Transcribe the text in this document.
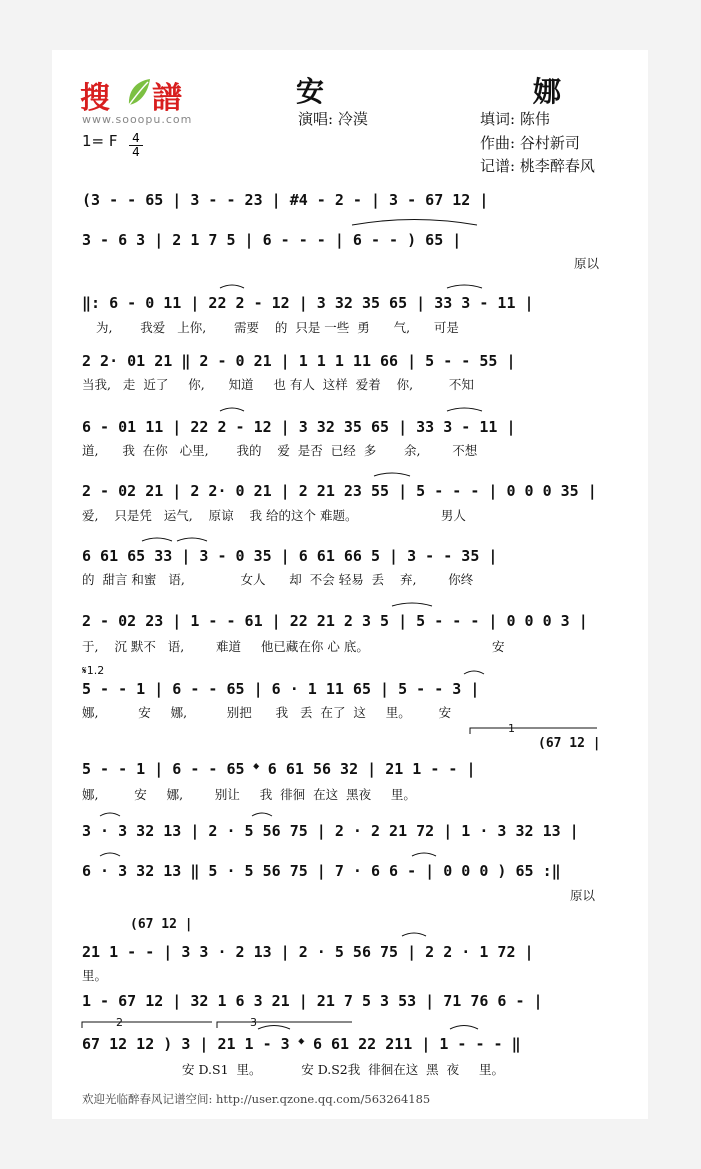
搜 譜
www.sooopu.com
安    娜
演唱: 冷漠	填词: 陈伟
作曲: 谷村新司
记谱: 桃李醉春风
1= F $\frac{4}{4}$
(3 - - 65 | 3 - - 23 | #4 - 2 - | 3 - 67 12 |
3 - 6 3 | 2 1 7 5 | 6 - - - | 6 - - ) 65 |
原以
‖: 6 - 0 11 | 22 2 - 12 | 3 32 35 65 | 33 3 - 11 |
为,       我爱   上你,       需要    的  只是 一些  勇      气,      可是
2 2· 01 21 ‖ 2 - 0 21 | 1 1 1 11 66 | 5 - - 55 |
当我,   走  近了     你,      知道     也 有人  这样  爱着    你,         不知
6 - 01 11 | 22 2 - 12 | 3 32 35 65 | 33 3 - 11 |
道,      我  在你   心里,       我的    爱  是否  已经  多       余,        不想
2 - 02 21 | 2 2· 0 21 | 2 21 23 55 | 5 - - - | 0 0 0 35 |
爱,    只是凭   运气,    原谅    我 给的这个 难题。                     男人
6 61 65 33 | 3 - 0 35 | 6 61 66 5 | 3 - - 35 |
的  甜言 和蜜   语,              女人      却  不会 轻易  丢    弃,        你终
2 - 02 23 | 1 - - 61 | 22 21 2 3 5 | 5 - - - | 0 0 0 3 |
于,    沉 默不   语,        难道     他已藏在你 心 底。                               安
𝄋1.2
5 - - 1 | 6 - - 65 | 6 · 1 11 65 | 5 - - 3 |
娜,          安     娜,          别把      我   丢  在了  这     里。       安
1
(67 12 |
5 - - 1 | 6 - - 65 𝄌 6 61 56 32 | 21 1 - - |
娜,         安     娜,        别让     我  徘徊  在这  黑夜     里。
3 · 3 32 13 | 2 · 5 56 75 | 2 · 2 21 72 | 1 · 3 32 13 |
6 · 3 32 13 ‖ 5 · 5 56 75 | 7 · 6 6 - | 0 0 0 ) 65 :‖
原以
(67 12 |
21 1 - - | 3 3 · 2 13 | 2 · 5 56 75 | 2 2 · 1 72 |
里。
1 - 67 12 | 32 1 6 3 21 | 21 7 5 3 53 | 71 76 6 - |
2	3
67 12 12 ) 3 | 21 1 - 3 𝄌 6 61 22 211 | 1 - - - ‖
安 D.S1  里。          安 D.S2我  徘徊在这  黑  夜     里。
欢迎光临醉春风记谱空间: http://user.qzone.qq.com/563264185
